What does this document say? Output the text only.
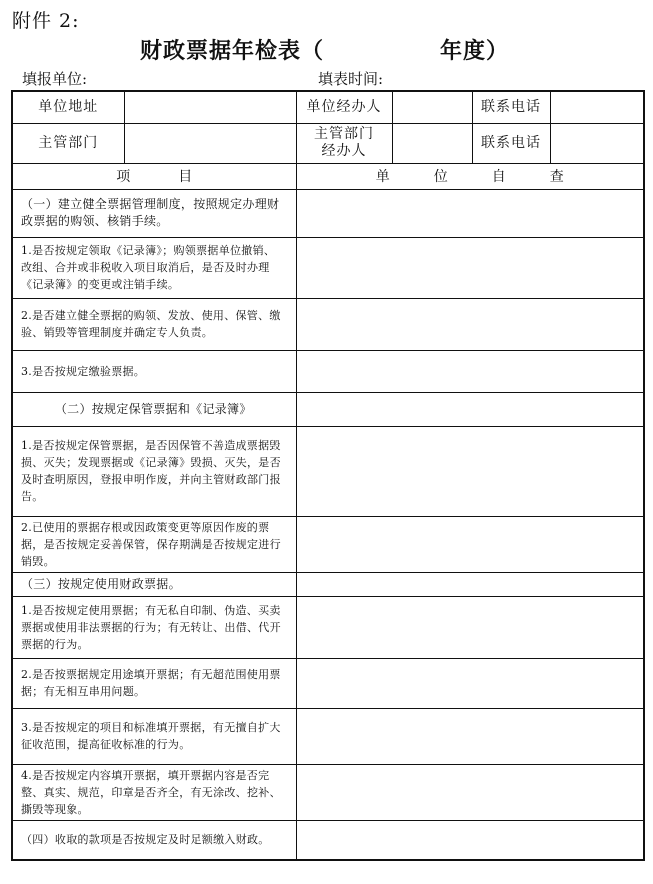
附件 2:
财政票据年检表（	年度）
填报单位:	填表时间:
单位地址		单位经办人		联系电话	
主管部门		主管部门经办人		联系电话	
项目		单位自查			
（一）建立健全票据管理制度，按照规定办理财政票据的购领、核销手续。					
1.是否按规定领取《记录簿》；购领票据单位撤销、改组、合并或非税收入项目取消后，是否及时办理《记录簿》的变更或注销手续。					
2.是否建立健全票据的购领、发放、使用、保管、缴验、销毁等管理制度并确定专人负责。					
3.是否按规定缴验票据。					
（二）按规定保管票据和《记录簿》					
1.是否按规定保管票据，是否因保管不善造成票据毁损、灭失；发现票据或《记录簿》毁损、灭失，是否及时查明原因，登报申明作废，并向主管财政部门报告。					
2.已使用的票据存根或因政策变更等原因作废的票据，是否按规定妥善保管，保存期满是否按规定进行销毁。					
（三）按规定使用财政票据。					
1.是否按规定使用票据；有无私自印制、伪造、买卖票据或使用非法票据的行为；有无转让、出借、代开票据的行为。					
2.是否按票据规定用途填开票据；有无超范围使用票据；有无相互串用问题。					
3.是否按规定的项目和标准填开票据，有无擅自扩大征收范围，提高征收标准的行为。					
4.是否按规定内容填开票据，填开票据内容是否完整、真实、规范，印章是否齐全，有无涂改、挖补、撕毁等现象。					
（四）收取的款项是否按规定及时足额缴入财政。					
